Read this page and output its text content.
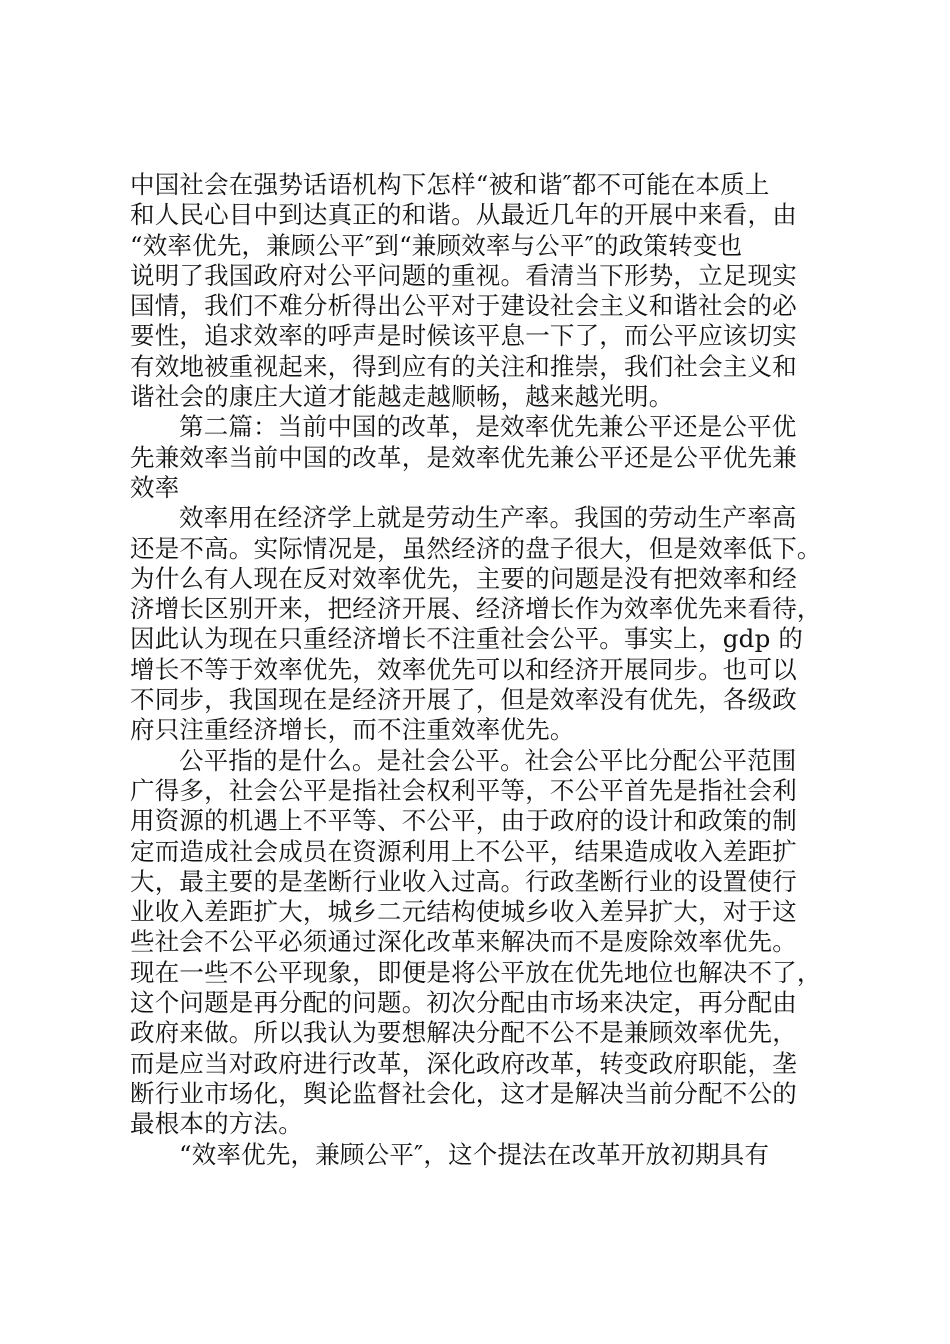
中国社会在强势话语机构下怎样“被和谐″都不可能在本质上
和人民心目中到达真正的和谐。从最近几年的开展中来看，由
“效率优先，兼顾公平″到“兼顾效率与公平″的政策转变也
说明了我国政府对公平问题的重视。看清当下形势，立足现实
国情，我们不难分析得出公平对于建设社会主义和谐社会的必
要性，追求效率的呼声是时候该平息一下了，而公平应该切实
有效地被重视起来，得到应有的关注和推崇，我们社会主义和
谐社会的康庄大道才能越走越顺畅，越来越光明。
第二篇：当前中国的改革，是效率优先兼公平还是公平优
先兼效率当前中国的改革，是效率优先兼公平还是公平优先兼
效率
效率用在经济学上就是劳动生产率。我国的劳动生产率高
还是不高。实际情况是，虽然经济的盘子很大，但是效率低下。
为什么有人现在反对效率优先，主要的问题是没有把效率和经
济增长区别开来，把经济开展、经济增长作为效率优先来看待，
因此认为现在只重经济增长不注重社会公平。事实上，gdp 的
增长不等于效率优先，效率优先可以和经济开展同步。也可以
不同步，我国现在是经济开展了，但是效率没有优先，各级政
府只注重经济增长，而不注重效率优先。
公平指的是什么。是社会公平。社会公平比分配公平范围
广得多，社会公平是指社会权利平等，不公平首先是指社会利
用资源的机遇上不平等、不公平，由于政府的设计和政策的制
定而造成社会成员在资源利用上不公平，结果造成收入差距扩
大，最主要的是垄断行业收入过高。行政垄断行业的设置使行
业收入差距扩大，城乡二元结构使城乡收入差异扩大，对于这
些社会不公平必须通过深化改革来解决而不是废除效率优先。
现在一些不公平现象，即便是将公平放在优先地位也解决不了，
这个问题是再分配的问题。初次分配由市场来决定，再分配由
政府来做。所以我认为要想解决分配不公不是兼顾效率优先，
而是应当对政府进行改革，深化政府改革，转变政府职能，垄
断行业市场化，舆论监督社会化，这才是解决当前分配不公的
最根本的方法。
“效率优先，兼顾公平″，这个提法在改革开放初期具有
